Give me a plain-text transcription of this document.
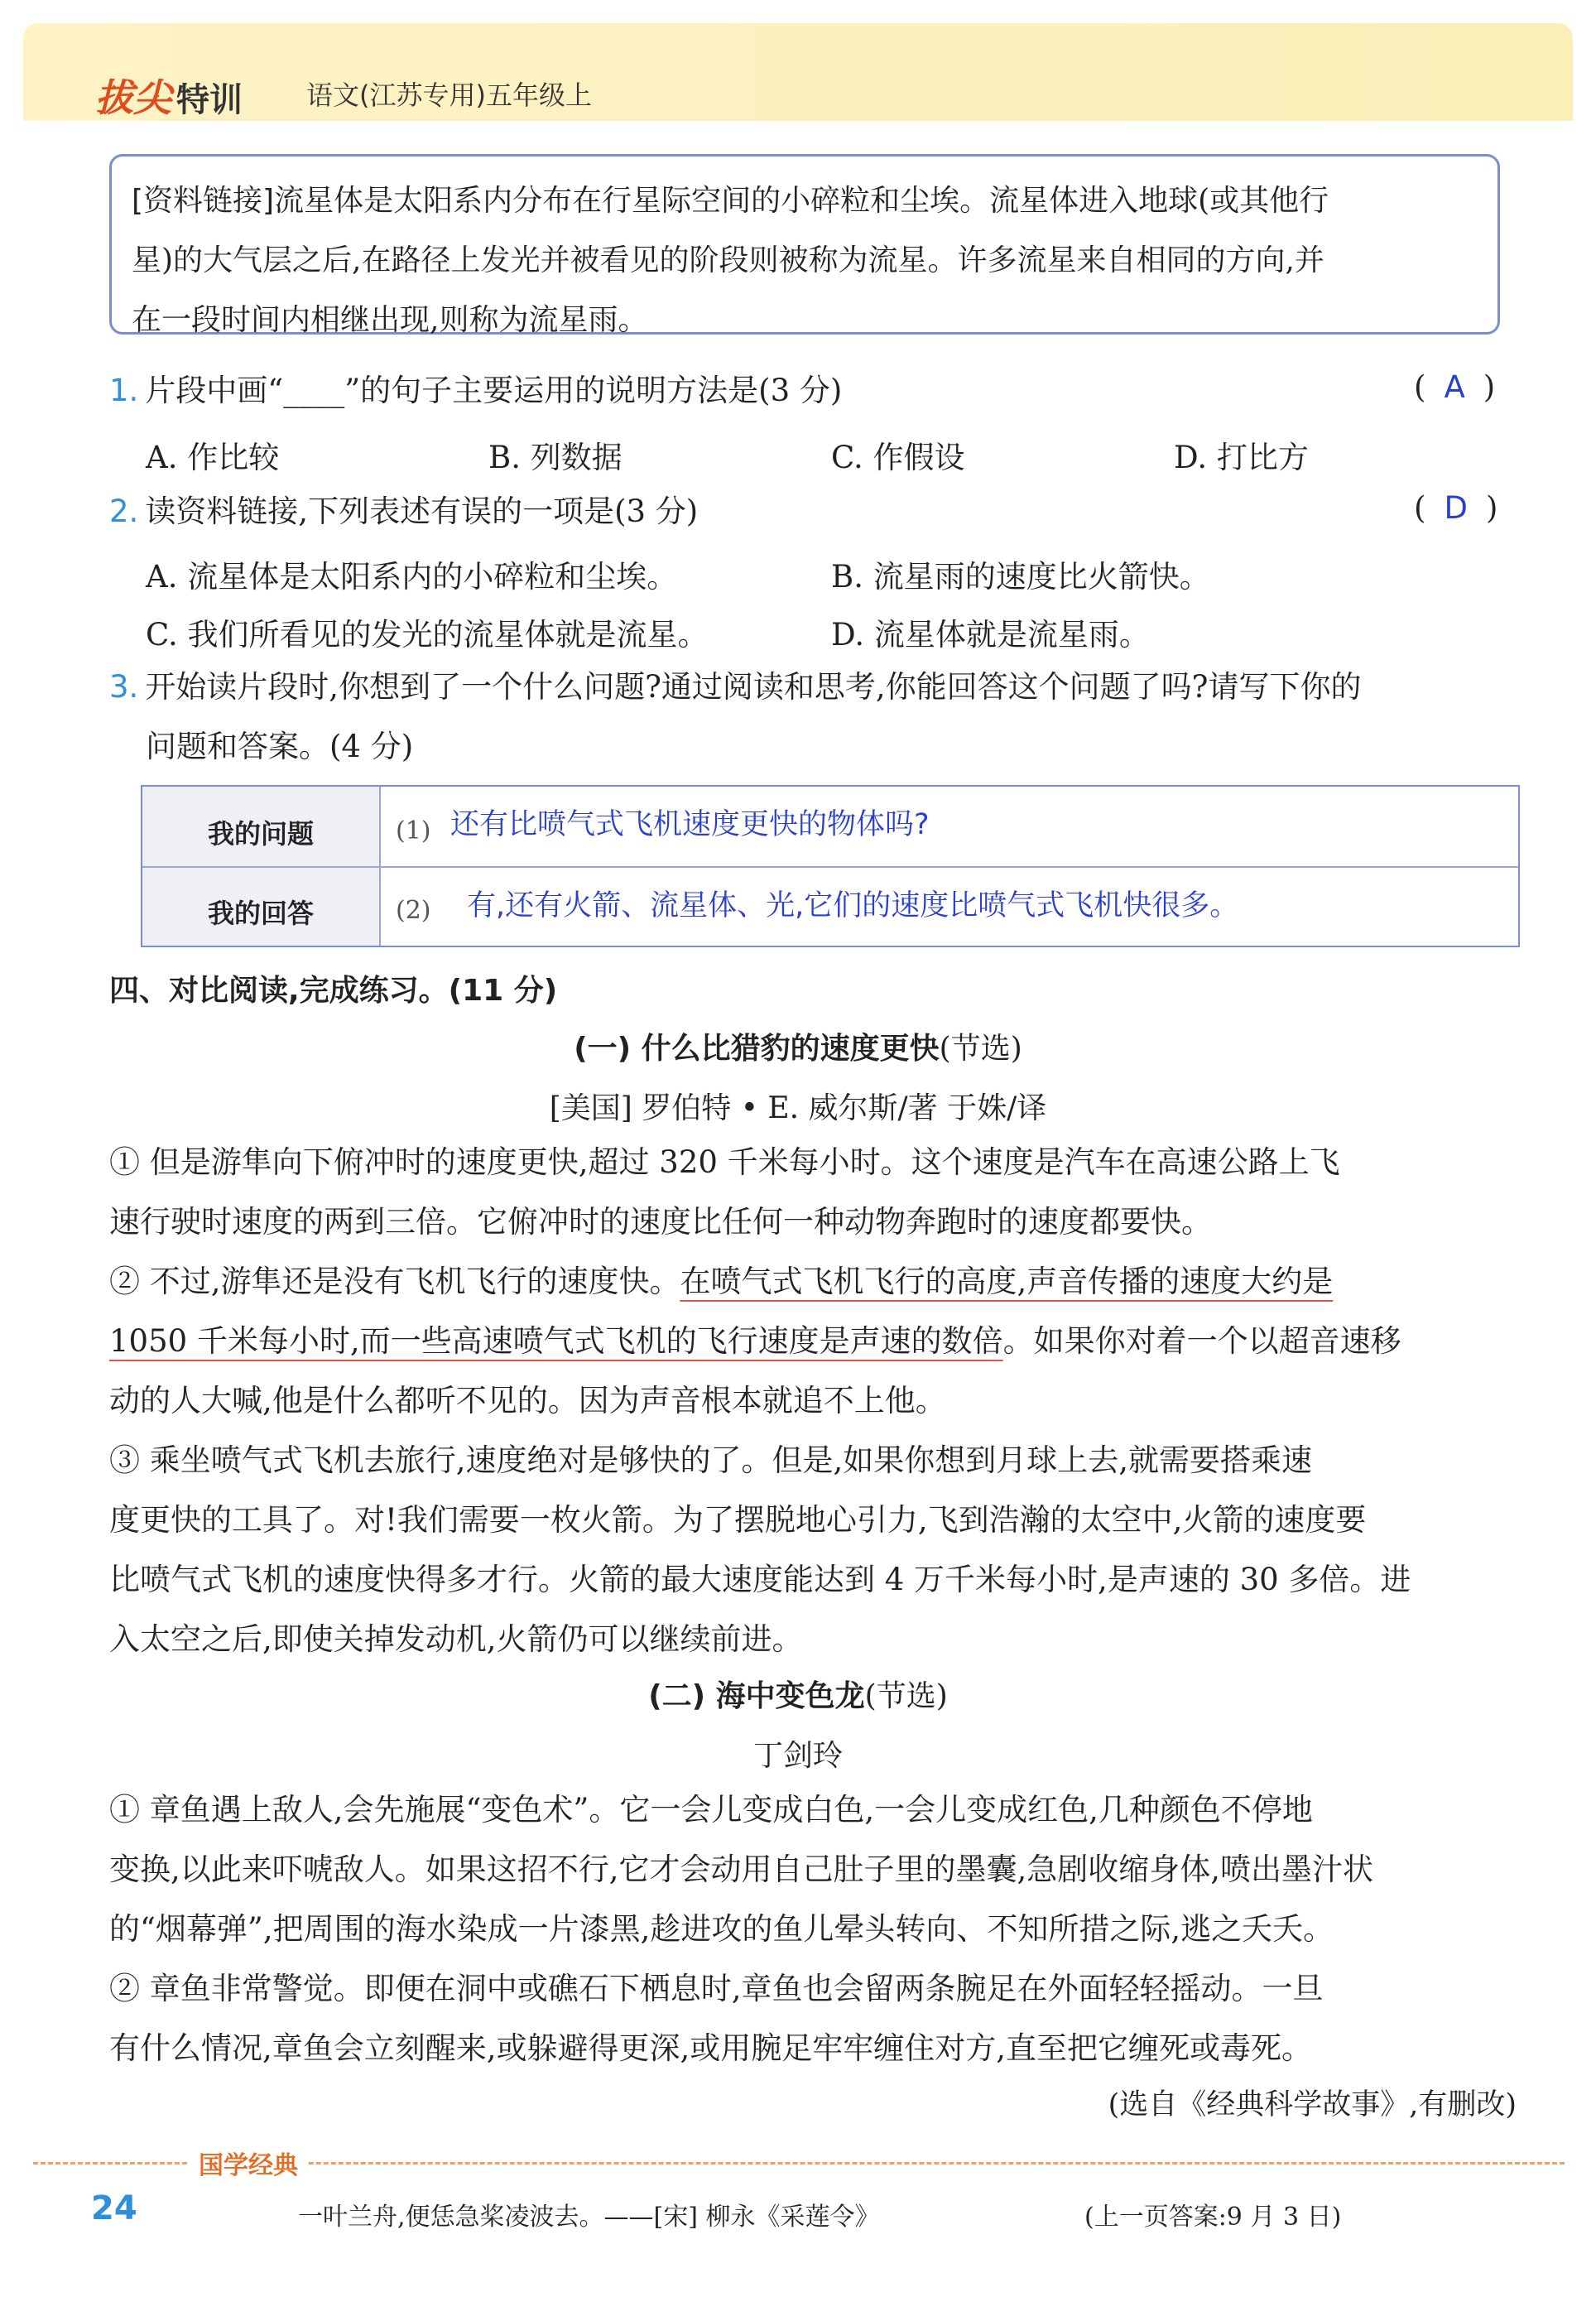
拔尖 特训 语文(江苏专用)五年级上
[资料链接]流星体是太阳系内分布在行星际空间的小碎粒和尘埃。流星体进入地球(或其他行
星)的大气层之后,在路径上发光并被看见的阶段则被称为流星。许多流星来自相同的方向,并
在一段时间内相继出现,则称为流星雨。
1. 片段中画“____”的句子主要运用的说明方法是(3 分)	( A )
A. 作比较	B. 列数据	C. 作假设	D. 打比方
2. 读资料链接,下列表述有误的一项是(3 分)	( D )
A. 流星体是太阳系内的小碎粒和尘埃。	B. 流星雨的速度比火箭快。
C. 我们所看见的发光的流星体就是流星。	D. 流星体就是流星雨。
3. 开始读片段时,你想到了一个什么问题?通过阅读和思考,你能回答这个问题了吗?请写下你的
问题和答案。(4 分)
我的问题	(1) 还有比喷气式飞机速度更快的物体吗?
我的回答	(2) 有,还有火箭、流星体、光,它们的速度比喷气式飞机快很多。
四、对比阅读,完成练习。(11 分)
(一) 什么比猎豹的速度更快(节选)
[美国] 罗伯特 • E. 威尔斯/著 于姝/译
① 但是游隼向下俯冲时的速度更快,超过 320 千米每小时。这个速度是汽车在高速公路上飞
速行驶时速度的两到三倍。它俯冲时的速度比任何一种动物奔跑时的速度都要快。
② 不过,游隼还是没有飞机飞行的速度快。在喷气式飞机飞行的高度,声音传播的速度大约是
1050 千米每小时,而一些高速喷气式飞机的飞行速度是声速的数倍。如果你对着一个以超音速移
动的人大喊,他是什么都听不见的。因为声音根本就追不上他。
③ 乘坐喷气式飞机去旅行,速度绝对是够快的了。但是,如果你想到月球上去,就需要搭乘速
度更快的工具了。对!我们需要一枚火箭。为了摆脱地心引力,飞到浩瀚的太空中,火箭的速度要
比喷气式飞机的速度快得多才行。火箭的最大速度能达到 4 万千米每小时,是声速的 30 多倍。进
入太空之后,即使关掉发动机,火箭仍可以继续前进。
(二) 海中变色龙(节选)
丁剑玲
① 章鱼遇上敌人,会先施展“变色术”。它一会儿变成白色,一会儿变成红色,几种颜色不停地
变换,以此来吓唬敌人。如果这招不行,它才会动用自己肚子里的墨囊,急剧收缩身体,喷出墨汁状
的“烟幕弹”,把周围的海水染成一片漆黑,趁进攻的鱼儿晕头转向、不知所措之际,逃之夭夭。
② 章鱼非常警觉。即便在洞中或礁石下栖息时,章鱼也会留两条腕足在外面轻轻摇动。一旦
有什么情况,章鱼会立刻醒来,或躲避得更深,或用腕足牢牢缠住对方,直至把它缠死或毒死。
(选自《经典科学故事》,有删改)
国学经典
24	一叶兰舟,便恁急桨凌波去。——[宋] 柳永《采莲令》	(上一页答案:9 月 3 日)
